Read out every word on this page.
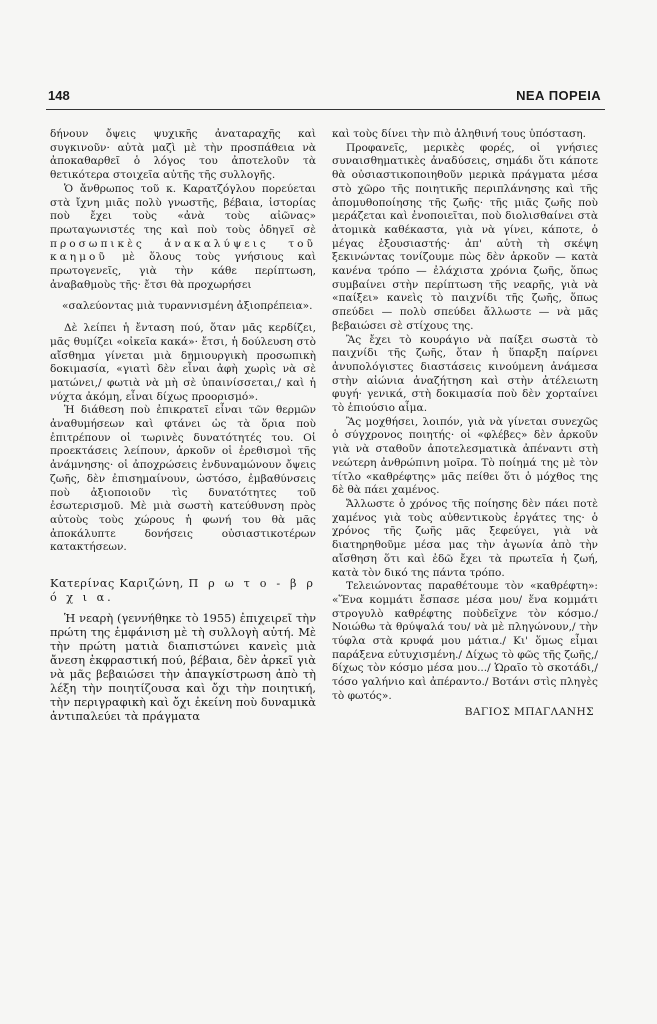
148	ΝΕΑ ΠΟΡΕΙΑ

δήνουν ὄψεις ψυχικῆς ἀναταραχῆς καὶ συγκινοῦν· αὐτὰ μαζὶ μὲ τὴν προσπάθεια νὰ ἀποκαθαρθεῖ ὁ λόγος του ἀποτελοῦν τὰ θετικότερα στοιχεῖα αὐτῆς τῆς συλλογῆς.

Ὁ ἄνθρωπος τοῦ κ. Καρατζόγλου πορεύεται στὰ ἴχνη μιᾶς πολὺ γνωστῆς, βέβαια, ἱστορίας ποὺ ἔχει τοὺς «ἀνὰ τοὺς αἰῶνας» πρωταγωνιστές της καὶ ποὺ τοὺς ὁδηγεῖ σὲ προσωπικὲς ἀνακαλύψεις τοῦ καημοῦ μὲ ὅλους τοὺς γνήσιους καὶ πρωτογενεῖς, γιὰ τὴν κάθε περίπτωση, ἀναβαθμοὺς τῆς· ἔτσι θὰ προχωρήσει

«σαλεύοντας μιὰ τυραννισμένη ἀξιοπρέπεια».

Δὲ λείπει ἡ ἔνταση πού, ὅταν μᾶς κερδίζει, μᾶς θυμίζει «οἰκεῖα κακά»· ἔτσι, ἡ δούλευση στὸ αἴσθημα γίνεται μιὰ δημιουργικὴ προσωπικὴ δοκιμασία, «γιατὶ δὲν εἶναι ἀφὴ χωρὶς νὰ σὲ ματώνει,/ φωτιὰ νὰ μὴ σὲ ὑπαινίσσεται,/ καὶ ἡ νύχτα ἀκόμη, εἶναι δίχως προορισμό».

Ἡ διάθεση ποὺ ἐπικρατεῖ εἶναι τῶν θερμῶν ἀναθυμήσεων καὶ φτάνει ὡς τὰ ὅρια ποὺ ἐπιτρέπουν οἱ τωρινὲς δυνατότητές του. Οἱ προεκτάσεις λείπουν, ἀρκοῦν οἱ ἐρεθισμοὶ τῆς ἀνάμνησης· οἱ ἀποχρώσεις ἐνδυναμώνουν ὄψεις ζωῆς, δὲν ἐπισημαίνουν, ὡστόσο, ἐμβαθύνσεις ποὺ ἀξιοποιοῦν τὶς δυνατότητες τοῦ ἐσωτερισμοῦ. Μὲ μιὰ σωστὴ κατεύθυνση πρὸς αὐτοὺς τοὺς χώρους ἡ φωνή του θὰ μᾶς ἀποκάλυπτε δονήσεις οὐσιαστικοτέρων κατακτήσεων.

Κατερίνας Καριζώνη, Π ρ ω τ ο - β ρ ό χ ι α.

Ἡ νεαρὴ (γεννήθηκε τὸ 1955) ἐπιχειρεῖ τὴν πρώτη της ἐμφάνιση μὲ τὴ συλλογὴ αὐτή. Μὲ τὴν πρώτη ματιὰ διαπιστώνει κανεὶς μιὰ ἄνεση ἐκφραστική πού, βέβαια, δὲν ἀρκεῖ γιὰ νὰ μᾶς βεβαιώσει τὴν ἀπαγκίστρωση ἀπὸ τὴ λέξη τὴν ποιητίζουσα καὶ ὄχι τὴν ποιητική, τὴν περιγραφικὴ καὶ ὄχι ἐκείνη ποὺ δυναμικὰ ἀντιπαλεύει τὰ πράγματα

καὶ τοὺς δίνει τὴν πιὸ ἀληθινή τους ὑπόσταση.

Προφανεῖς, μερικὲς φορές, οἱ γνήσιες συναισθηματικὲς ἀναδύσεις, σημάδι ὅτι κάποτε θὰ οὐσιαστικοποιηθοῦν μερικὰ πράγματα μέσα στὸ χῶρο τῆς ποιητικῆς περιπλάνησης καὶ τῆς ἀπομυθοποίησης τῆς ζωῆς· τῆς μιᾶς ζωῆς ποὺ μεράζεται καὶ ἐνοποιεῖται, ποὺ διολισθαίνει στὰ ἀτομικὰ καθέκαστα, γιὰ νὰ γίνει, κάποτε, ὁ μέγας ἐξουσιαστής· ἀπ' αὐτὴ τὴ σκέψη ξεκινώντας τονίζουμε πὼς δὲν ἀρκοῦν — κατὰ κανένα τρόπο — ἐλάχιστα χρόνια ζωῆς, ὅπως συμβαίνει στὴν περίπτωση τῆς νεαρῆς, γιὰ νὰ «παίξει» κανεὶς τὸ παιχνίδι τῆς ζωῆς, ὅπως σπεύδει — πολὺ σπεύδει ἄλλωστε — νὰ μᾶς βεβαιώσει σὲ στίχους της.

Ἂς ἔχει τὸ κουράγιο νὰ παίξει σωστὰ τὸ παιχνίδι τῆς ζωῆς, ὅταν ἡ ὕπαρξη παίρνει ἀνυπολόγιστες διαστάσεις κινούμενη ἀνάμεσα στὴν αἰώνια ἀναζήτηση καὶ στὴν ἀτέλειωτη φυγή· γενικά, στὴ δοκιμασία ποὺ δὲν χορταίνει τὸ ἐπιούσιο αἷμα.

Ἂς μοχθήσει, λοιπόν, γιὰ νὰ γίνεται συνεχῶς ὁ σύγχρονος ποιητής· οἱ «φλέβες» δὲν ἀρκοῦν γιὰ νὰ σταθοῦν ἀποτελεσματικὰ ἀπέναντι στὴ νεώτερη ἀνθρώπινη μοῖρα. Τὸ ποίημά της μὲ τὸν τίτλο «καθρέφτης» μᾶς πείθει ὅτι ὁ μόχθος της δὲ θὰ πάει χαμένος.

Ἄλλωστε ὁ χρόνος τῆς ποίησης δὲν πάει ποτὲ χαμένος γιὰ τοὺς αὐθεντικοὺς ἐργάτες της· ὁ χρόνος τῆς ζωῆς μᾶς ξεφεύγει, γιὰ νὰ διατηρηθοῦμε μέσα μας τὴν ἀγωνία ἀπὸ τὴν αἴσθηση ὅτι καὶ ἐδῶ ἔχει τὰ πρωτεῖα ἡ ζωή, κατὰ τὸν δικό της πάντα τρόπο.

Τελειώνοντας παραθέτουμε τὸν «καθρέφτη»: «Ἕνα κομμάτι ἔσπασε μέσα μου/ ἕνα κομμάτι στρογυλὸ καθρέφτης ποὺδεῖχνε τὸν κόσμο./ Νοιώθω τὰ θρύψαλά του/ νὰ μὲ πληγώνουν,/ τὴν τύφλα στὰ κρυφά μου μάτια./ Κι' ὅμως εἶμαι παράξενα εὐτυχισμένη./ Δίχως τὸ φῶς τῆς ζωῆς,/ δίχως τὸν κόσμο μέσα μου.../ Ὡραῖο τὸ σκοτάδι,/ τόσο γαλήνιο καὶ ἀπέραντο./ Βοτάνι στὶς πληγὲς τὸ φωτός».

ΒΑΓΙΟΣ ΜΠΑΓΛΑΝΗΣ
